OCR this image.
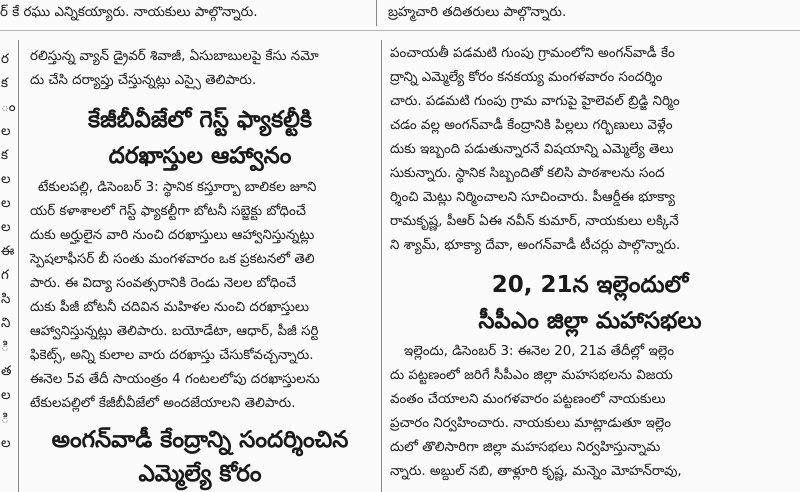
ర్ కే రఘు ఎన్నికయ్యారు. నాయకులు పాల్గొన్నారు.	బ్రహ్మచారి తదితరులు పాల్గొన్నారు.
ర
క
ం
ల
క
ల
ల
ల
ఈ
గ
సి
ని
ి
త
ల
ి
ల
రలిస్తున్న వ్యాన్ డ్రైవర్ శివాజీ, ఏసుబాబులపై కేసు నమో
దు చేసి దర్యాప్తు చేస్తున్నట్లు ఎస్సై తెలిపారు.
కేజీబీవీజేలో గెస్ట్ ఫ్యాకల్టీకి
దరఖాస్తుల ఆహ్వానం
టేకులపల్లి, డిసెంబర్ 3: స్థానిక కస్తూర్బా బాలికల జూని
యర్ కళాశాలలో గెస్ట్ ఫ్యాకల్టీగా బోటనీ సబ్జెక్టు బోధించే
దుకు అర్హులైన వారి నుంచి దరఖాస్తులు ఆహ్వానిస్తున్నట్లు
స్పెషలాఫీసర్ బీ సంతు మంగళవారం ఒక ప్రకటనలో తెలి
పారు. ఈ విద్యా సంవత్సరానికి రెండు నెలల బోధించే
దుకు పీజీ బోటనీ చదివిన మహిళల నుంచి దరఖాస్తులు
ఆహ్వానిస్తున్నట్లు తెలిపారు. బయోడేటా, ఆధార్, పీజీ సర్టి
ఫికెట్స్, అన్ని కులాల వారు దరఖాస్తు చేసుకోవచ్చన్నారు.
ఈనెల 5వ తేదీ సాయంత్రం 4 గంటలలోపు దరఖాస్తులను
టేకులపల్లిలో కేజీబీవీజేలో అందజేయాలని తెలిపారు.
అంగన్‌వాడీ కేంద్రాన్ని సందర్శించిన
ఎమ్మెల్యే కోరం
పంచాయతీ పడమటి గుంపు గ్రామంలోని అంగన్‌వాడీ కేం
ద్రాన్ని ఎమ్మెల్యే కోరం కనకయ్య మంగళవారం సందర్శిం
చారు. పడమటి గుంపు గ్రామ వాగుపై హైలెవల్ బ్రిడ్జి నిర్మిం
చడం వల్ల అంగన్‌వాడీ కేంద్రానికి పిల్లలు గర్భిణులు వెళ్లేం
దుకు ఇబ్బంది పడుతున్నారనే విషయాన్ని ఎమ్మెల్యే తెలు
సుకున్నారు. స్థానిక సిబ్బందితో కలిసి పాఠశాలను సంద
ర్శించి మెట్లు నిర్మించాలని సూచించారు. పీఆర్డీఈ భూక్యా
రామకృష్ణ, పీఆర్ ఏఈ నవీన్ కుమార్, నాయకులు లక్కినే
ని శ్యామ్, భూక్యా దేవా, అంగన్‌వాడీ టీచర్లు పాల్గొన్నారు.
20, 21న ఇల్లెందులో
సీపీఎం జిల్లా మహాసభలు
ఇల్లెందు, డిసెంబర్ 3: ఈనెల 20, 21వ తేదీల్లో ఇల్లెం
దు పట్టణంలో జరిగే సీపీఎం జిల్లా మహసభలను విజయ
వంతం చేయాలని మంగళవారం పట్టణంలో నాయకులు
ప్రచారం నిర్వహించారు. నాయకులు మాట్లాడుతూ ఇల్లెం
దులో తొలిసారిగా జిల్లా మహసభలు నిర్వహిస్తున్నామ
న్నారు. అబ్దుల్ నబి, తాళ్లూరి కృష్ణ, మన్నెం మోహన్‌రావు,
